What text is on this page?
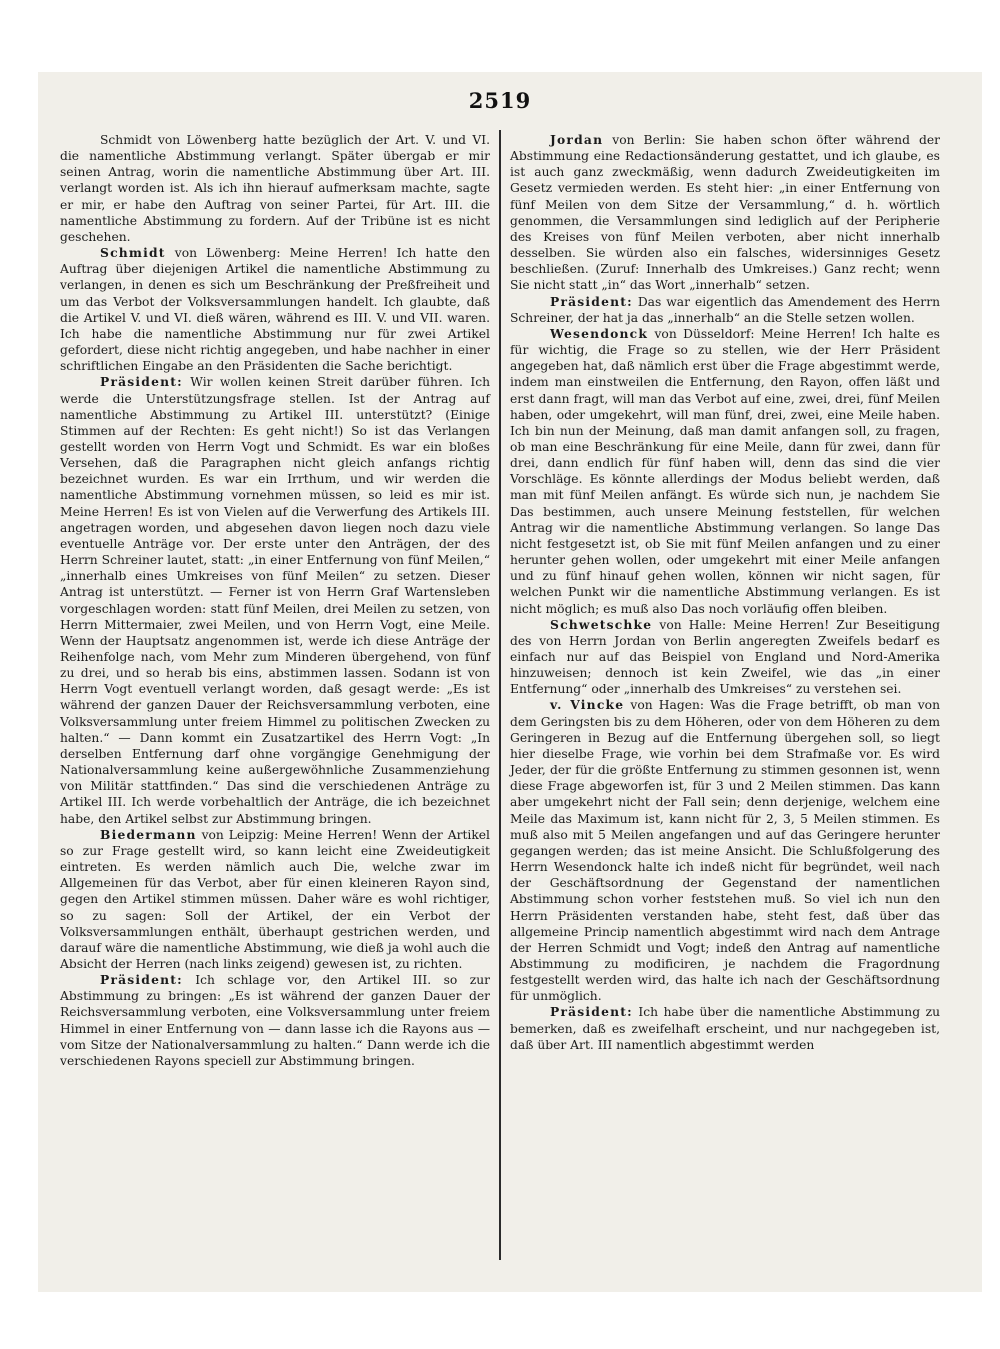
2519

Schmidt von Löwenberg hatte bezüglich der Art. V. und VI. die namentliche Abstimmung verlangt. Später übergab er mir seinen Antrag, worin die namentliche Abstimmung über Art. III. verlangt worden ist. Als ich ihn hierauf aufmerksam machte, sagte er mir, er habe den Auftrag von seiner Partei, für Art. III. die namentliche Abstimmung zu fordern. Auf der Tribüne ist es nicht geschehen.

Schmidt von Löwenberg: Meine Herren! Ich hatte den Auftrag über diejenigen Artikel die namentliche Abstimmung zu verlangen, in denen es sich um Beschränkung der Preßfreiheit und um das Verbot der Volksversammlungen handelt. Ich glaubte, daß die Artikel V. und VI. dieß wären, während es III. V. und VII. waren. Ich habe die namentliche Abstimmung nur für zwei Artikel gefordert, diese nicht richtig angegeben, und habe nachher in einer schriftlichen Eingabe an den Präsidenten die Sache berichtigt.

Präsident: Wir wollen keinen Streit darüber führen. Ich werde die Unterstützungsfrage stellen. Ist der Antrag auf namentliche Abstimmung zu Artikel III. unterstützt? (Einige Stimmen auf der Rechten: Es geht nicht!) So ist das Verlangen gestellt worden von Herrn Vogt und Schmidt. Es war ein bloßes Versehen, daß die Paragraphen nicht gleich anfangs richtig bezeichnet wurden. Es war ein Irrthum, und wir werden die namentliche Abstimmung vornehmen müssen, so leid es mir ist. Meine Herren! Es ist von Vielen auf die Verwerfung des Artikels III. angetragen worden, und abgesehen davon liegen noch dazu viele eventuelle Anträge vor. Der erste unter den Anträgen, der des Herrn Schreiner lautet, statt: „in einer Entfernung von fünf Meilen,“ „innerhalb eines Umkreises von fünf Meilen“ zu setzen. Dieser Antrag ist unterstützt. — Ferner ist von Herrn Graf Wartensleben vorgeschlagen worden: statt fünf Meilen, drei Meilen zu setzen, von Herrn Mittermaier, zwei Meilen, und von Herrn Vogt, eine Meile. Wenn der Hauptsatz angenommen ist, werde ich diese Anträge der Reihenfolge nach, vom Mehr zum Minderen übergehend, von fünf zu drei, und so herab bis eins, abstimmen lassen. Sodann ist von Herrn Vogt eventuell verlangt worden, daß gesagt werde: „Es ist während der ganzen Dauer der Reichsversammlung verboten, eine Volksversammlung unter freiem Himmel zu politischen Zwecken zu halten.“ — Dann kommt ein Zusatzartikel des Herrn Vogt: „In derselben Entfernung darf ohne vorgängige Genehmigung der Nationalversammlung keine außergewöhnliche Zusammenziehung von Militär stattfinden.“ Das sind die verschiedenen Anträge zu Artikel III. Ich werde vorbehaltlich der Anträge, die ich bezeichnet habe, den Artikel selbst zur Abstimmung bringen.

Biedermann von Leipzig: Meine Herren! Wenn der Artikel so zur Frage gestellt wird, so kann leicht eine Zweideutigkeit eintreten. Es werden nämlich auch Die, welche zwar im Allgemeinen für das Verbot, aber für einen kleineren Rayon sind, gegen den Artikel stimmen müssen. Daher wäre es wohl richtiger, so zu sagen: Soll der Artikel, der ein Verbot der Volksversammlungen enthält, überhaupt gestrichen werden, und darauf wäre die namentliche Abstimmung, wie dieß ja wohl auch die Absicht der Herren (nach links zeigend) gewesen ist, zu richten.

Präsident: Ich schlage vor, den Artikel III. so zur Abstimmung zu bringen: „Es ist während der ganzen Dauer der Reichsversammlung verboten, eine Volksversammlung unter freiem Himmel in einer Entfernung von — dann lasse ich die Rayons aus — vom Sitze der Nationalversammlung zu halten.“ Dann werde ich die verschiedenen Rayons speciell zur Abstimmung bringen.

Jordan von Berlin: Sie haben schon öfter während der Abstimmung eine Redactionsänderung gestattet, und ich glaube, es ist auch ganz zweckmäßig, wenn dadurch Zweideutigkeiten im Gesetz vermieden werden. Es steht hier: „in einer Entfernung von fünf Meilen von dem Sitze der Versammlung,“ d. h. wörtlich genommen, die Versammlungen sind lediglich auf der Peripherie des Kreises von fünf Meilen verboten, aber nicht innerhalb desselben. Sie würden also ein falsches, widersinniges Gesetz beschließen. (Zuruf: Innerhalb des Umkreises.) Ganz recht; wenn Sie nicht statt „in“ das Wort „innerhalb“ setzen.

Präsident: Das war eigentlich das Amendement des Herrn Schreiner, der hat ja das „innerhalb“ an die Stelle setzen wollen.

Wesendonck von Düsseldorf: Meine Herren! Ich halte es für wichtig, die Frage so zu stellen, wie der Herr Präsident angegeben hat, daß nämlich erst über die Frage abgestimmt werde, indem man einstweilen die Entfernung, den Rayon, offen läßt und erst dann fragt, will man das Verbot auf eine, zwei, drei, fünf Meilen haben, oder umgekehrt, will man fünf, drei, zwei, eine Meile haben. Ich bin nun der Meinung, daß man damit anfangen soll, zu fragen, ob man eine Beschränkung für eine Meile, dann für zwei, dann für drei, dann endlich für fünf haben will, denn das sind die vier Vorschläge. Es könnte allerdings der Modus beliebt werden, daß man mit fünf Meilen anfängt. Es würde sich nun, je nachdem Sie Das bestimmen, auch unsere Meinung feststellen, für welchen Antrag wir die namentliche Abstimmung verlangen. So lange Das nicht festgesetzt ist, ob Sie mit fünf Meilen anfangen und zu einer herunter gehen wollen, oder umgekehrt mit einer Meile anfangen und zu fünf hinauf gehen wollen, können wir nicht sagen, für welchen Punkt wir die namentliche Abstimmung verlangen. Es ist nicht möglich; es muß also Das noch vorläufig offen bleiben.

Schwetschke von Halle: Meine Herren! Zur Beseitigung des von Herrn Jordan von Berlin angeregten Zweifels bedarf es einfach nur auf das Beispiel von England und Nord-Amerika hinzuweisen; dennoch ist kein Zweifel, wie das „in einer Entfernung“ oder „innerhalb des Umkreises“ zu verstehen sei.

v. Vincke von Hagen: Was die Frage betrifft, ob man von dem Geringsten bis zu dem Höheren, oder von dem Höheren zu dem Geringeren in Bezug auf die Entfernung übergehen soll, so liegt hier dieselbe Frage, wie vorhin bei dem Strafmaße vor. Es wird Jeder, der für die größte Entfernung zu stimmen gesonnen ist, wenn diese Frage abgeworfen ist, für 3 und 2 Meilen stimmen. Das kann aber umgekehrt nicht der Fall sein; denn derjenige, welchem eine Meile das Maximum ist, kann nicht für 2, 3, 5 Meilen stimmen. Es muß also mit 5 Meilen angefangen und auf das Geringere herunter gegangen werden; das ist meine Ansicht. Die Schlußfolgerung des Herrn Wesendonck halte ich indeß nicht für begründet, weil nach der Geschäftsordnung der Gegenstand der namentlichen Abstimmung schon vorher feststehen muß. So viel ich nun den Herrn Präsidenten verstanden habe, steht fest, daß über das allgemeine Princip namentlich abgestimmt wird nach dem Antrage der Herren Schmidt und Vogt; indeß den Antrag auf namentliche Abstimmung zu modificiren, je nachdem die Fragordnung festgestellt werden wird, das halte ich nach der Geschäftsordnung für unmöglich.

Präsident: Ich habe über die namentliche Abstimmung zu bemerken, daß es zweifelhaft erscheint, und nur nachgegeben ist, daß über Art. III namentlich abgestimmt werden
